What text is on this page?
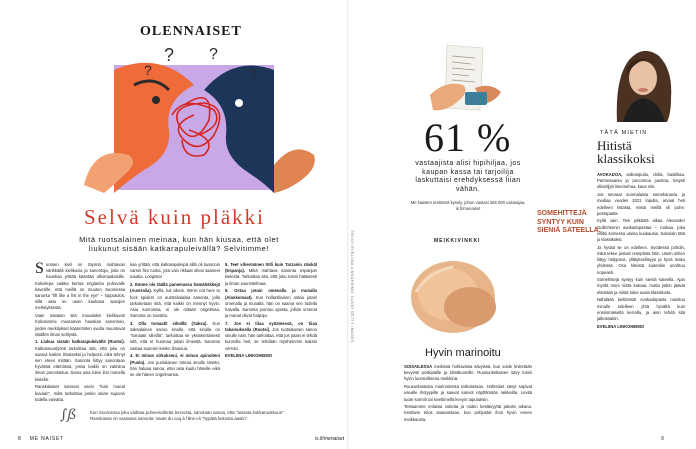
OLENNAISET
? ?
?	?
Selvä kuin pläkki
Mitä ruotsalainen meinaa, kun hän kiusaa, että olet liukunut sisään katkarapuleivällä? Selvitimme!

Suomen kieli on täynnä mahtavan värikkäitä kielikuvia ja sanontoja, joita on hauskaa yrittää kääntää ulkomaalaisille. Kokeilepa vaikka kertoa englantia puhuvalle kaverille, että meillä on muuten Suomessa sanonta "lift like a fist in the eye" – lopputulos, sillä asia on usein kaukana sanojen merkityksestä.

Vaan osataan sitä muualakin kielikuvat! Kokosimme muutaman hauskan sanonnan, joiden merkitykset käännösten avulla muuntuvat sisällön ilman selitystä.

1. Liukua sisään katkarapuleivällä (Ruotsi). Katkaravunlyönti tarkoittaa sitä, että joku on saanut kaiken ilmaiseksi ja helposti, eikä tehnyt sen eteen mitään. Sanonta liittyy sanontaan hyvässä elämässä, jossa kaikki on valmiina ilman ponnistelua. Sama asia tulee ilmi monella kielellä.

Ranskalaiset sanovat usein "kuin munat kuvaan", mikä tarkoittaa jonkin asian sujuvan todella vaivatta.

kaa yrittää, että katkarapuleipä sillä oli taannoin varsin fiini ruoka, jota vain rikkaat olivat saaneet nauttia. Loogista!

2. Emme ole täällä panemassa hämähäkkejä (Australia). Kylllä, luit oikein. We're not here to fuck spiders on australialaisia sanonta, jolla tarkoitetaan sitä, että kaikki on mennyt hyvin. Asia kunnossa, ei ole mitään ongelmaa. Sanonta on suosittu.

3. Olla tomaatit silmillä (Saksa). Kun saksalainen sanoo sinulle, että sinulla on "tomaatit silmillä", tarkoittaa se yksinkertaisesti sitä, että et huomaa jotain ilmeistä. Sanonta vastaa suomen kielen ilmaisua.

4. Ei minun sirkukseni, ei minun apinoiteni (Puola). Jos puolalainen toteaa sinulle tämän, hän haluaa sanoa, ettei asia kuulu hänelle eikä se ole hänen ongelmansa.

5. Teet vihermänen tölli kuin Tarzanin räiskäl (Espanja). Mikä mahtava sanonta espanjan kielestä. Tarkoittaa sitä, että joku toimii hätäisesti ja ilman suunnitelmaa.

6. Ostaa jotain omenalla ja munalla (Alankomaat). Kun hollantilainen ostaa jotain omenalla ja munalla, hän on saanut sen todella halvalla. Sanonta juontuu ajoista, jolloin omenat ja munat olivat halpoja.

7. Jos ei tiiaa syöämessä, on tiiaa takamuksella (Ruotsi). Jos ruotsalainen sanoo sinulle näin, hän tarkoittaa, että jos jotain ei tehdä kunnolla heti, se tehdään myöhemmin kaksin verroin.

EVELIINA LINKOHEIMO

∫ß	Kun Suomessa joku vaihtaa puheenaihetta lennosta, sanotaan sanoa, että "asiasta kukkaruukkuun". Ranskassa on vastaava sanonta: saute du coq à l'âne eli "hypätä kukosta aasiin".
8 ME NAISET	is.fi/menaiset
TEKSTI EVELIINA LINKOHEIMO, KUVAT GETTY IMAGES
61 %
vastaajista alisi hipihiljaa, jos kaupan kassa tai tarjoilija laskuttaisi erehdyksessä liian vähän.
Me Naisten teettämä kysely, johon vastasi 255 000 vastaajaa, is.fi/menaiset
MEIKKIVINKKI
Hyvin marinoitu

SOISAILESSA meikissä hohtavissa sävyissä, kun voide levitetään kevyesti poskipäille ja silmäluomille. Ruusunkeltainen sävy toimii hyvin luonnollisena meikkinä.

Ruusunlastusta marinoimista tarkoitetaan. Hohteiset sävyt sopivat usealle ihotyypille ja saavat kasvot näyttämään raikkailta. Levitä tuote sormin tai siveltimellä kevyin taputuksin.

Testaamme erilaisia voiteita ja niiden kestävyyttä päivän aikana. Kestävin tulos saavutetaan, kun pohjustat ihon hyvin ennen meikkausta.

TÄTÄ MIETIN
Hitistä klassikoksi
SOMEHITTEJÄ SYNTYY KUIN SIENIÄ SATEELLA.

AVOKADOA, valkosipulia, chiliä, basilikaa. Parmesaania ja pecorinoa juustoa, tietysti oliiviöljyä limemehua, kaus niin.

Jos seuraat suomalaisia somekanavia ja mediaa vuoden 2021 lopulla, arvaat heti edelleen listasta, mistä meillä oli puhe: pestopasta.

Kyllä vain. Tein pitkästä aikaa Alexander Gullichsenin avokadopastaa – ruokaa, joka villitsi somessa useita kuukausia. Sanoisin tätä jo klassikoksi.

Ja hyvää se on edelleen. Syödessä pohdin, mikä tekee jostain reseptistä hitin. Usein siihen liittyy helppous, yllätyksellisyys ja hyvä maku yhdessä. Osa hiteistä kuitenkin unohtuu nopeasti.

Somehittejä syntyy kuin sieniä sateella. Ajan myötä moni niistä katoaa, mutta jotkin jäävät elämään ja niistä tulee uusia klassikoita.

Nähdään keittiössä! Avokadopasta maistuu minulle edelleen yhtä hyvältä kuin ensimmäisellä kerralla, ja aion tehdä sitä jatkossakin.

EVELIINA LINKOHEIMO

9
